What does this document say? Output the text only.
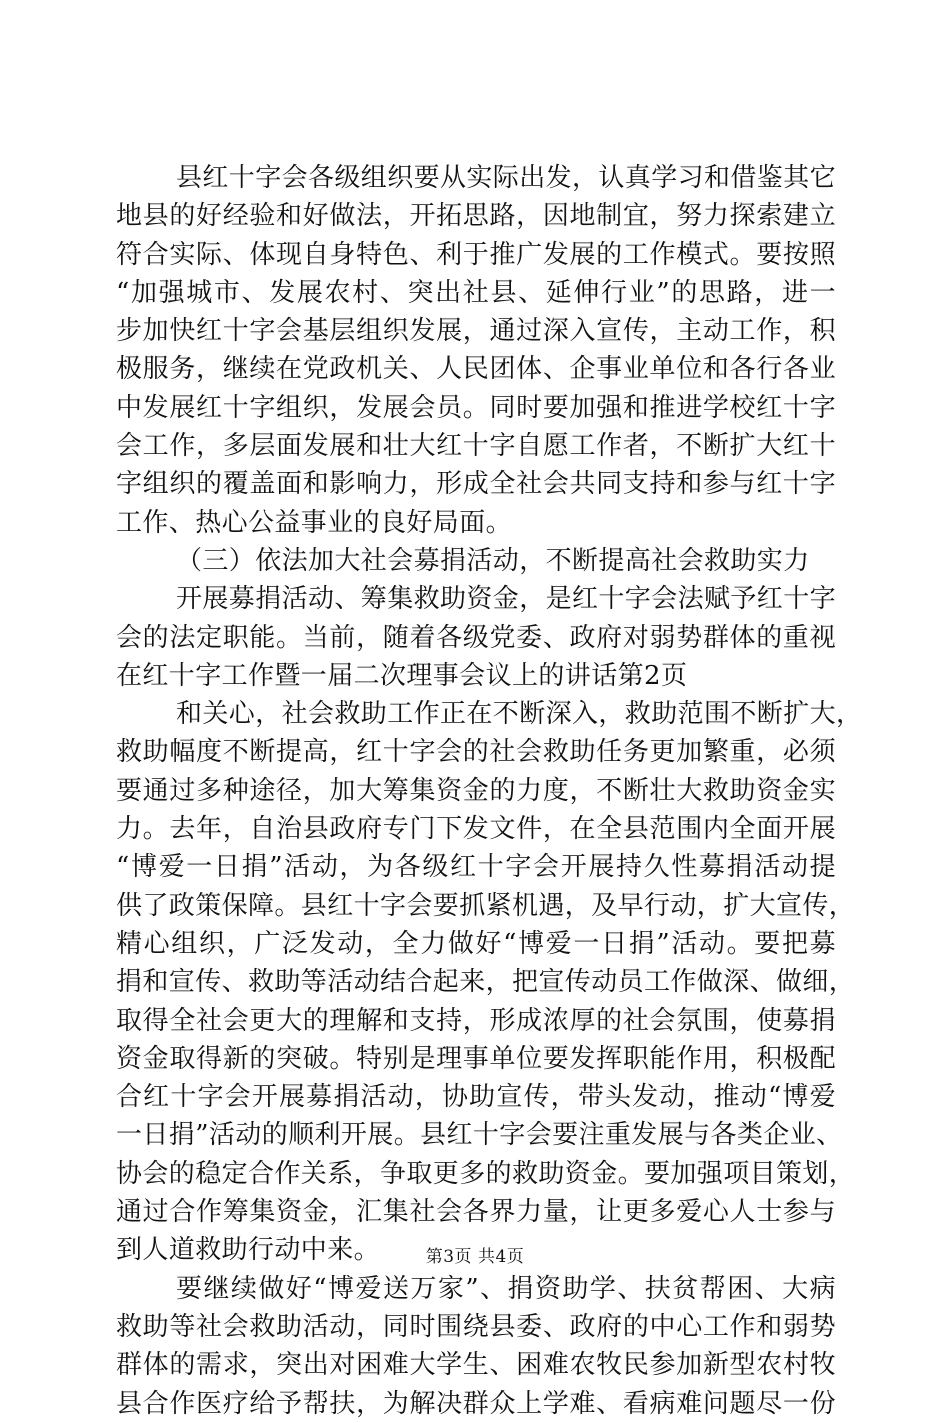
县红十字会各级组织要从实际出发，认真学习和借鉴其它
地县的好经验和好做法，开拓思路，因地制宜，努力探索建立
符合实际、体现自身特色、利于推广发展的工作模式。要按照
“加强城市、发展农村、突出社县、延伸行业”的思路，进一
步加快红十字会基层组织发展，通过深入宣传，主动工作，积
极服务，继续在党政机关、人民团体、企事业单位和各行各业
中发展红十字组织，发展会员。同时要加强和推进学校红十字
会工作，多层面发展和壮大红十字自愿工作者，不断扩大红十
字组织的覆盖面和影响力，形成全社会共同支持和参与红十字
工作、热心公益事业的良好局面。
（三）依法加大社会募捐活动，不断提高社会救助实力
开展募捐活动、筹集救助资金，是红十字会法赋予红十字
会的法定职能。当前，随着各级党委、政府对弱势群体的重视
在红十字工作暨一届二次理事会议上的讲话第2页
和关心，社会救助工作正在不断深入，救助范围不断扩大，
救助幅度不断提高，红十字会的社会救助任务更加繁重，必须
要通过多种途径，加大筹集资金的力度，不断壮大救助资金实
力。去年，自治县政府专门下发文件，在全县范围内全面开展
“博爱一日捐”活动，为各级红十字会开展持久性募捐活动提
供了政策保障。县红十字会要抓紧机遇，及早行动，扩大宣传，
精心组织，广泛发动，全力做好“博爱一日捐”活动。要把募
捐和宣传、救助等活动结合起来，把宣传动员工作做深、做细，
取得全社会更大的理解和支持，形成浓厚的社会氛围，使募捐
资金取得新的突破。特别是理事单位要发挥职能作用，积极配
合红十字会开展募捐活动，协助宣传，带头发动，推动“博爱
一日捐”活动的顺利开展。县红十字会要注重发展与各类企业、
协会的稳定合作关系，争取更多的救助资金。要加强项目策划，
通过合作筹集资金，汇集社会各界力量，让更多爱心人士参与
到人道救助行动中来。
要继续做好“博爱送万家”、捐资助学、扶贫帮困、大病
救助等社会救助活动，同时围绕县委、政府的中心工作和弱势
群体的需求，突出对困难大学生、困难农牧民参加新型农村牧
县合作医疗给予帮扶，为解决群众上学难、看病难问题尽一份
第3页 共4页
